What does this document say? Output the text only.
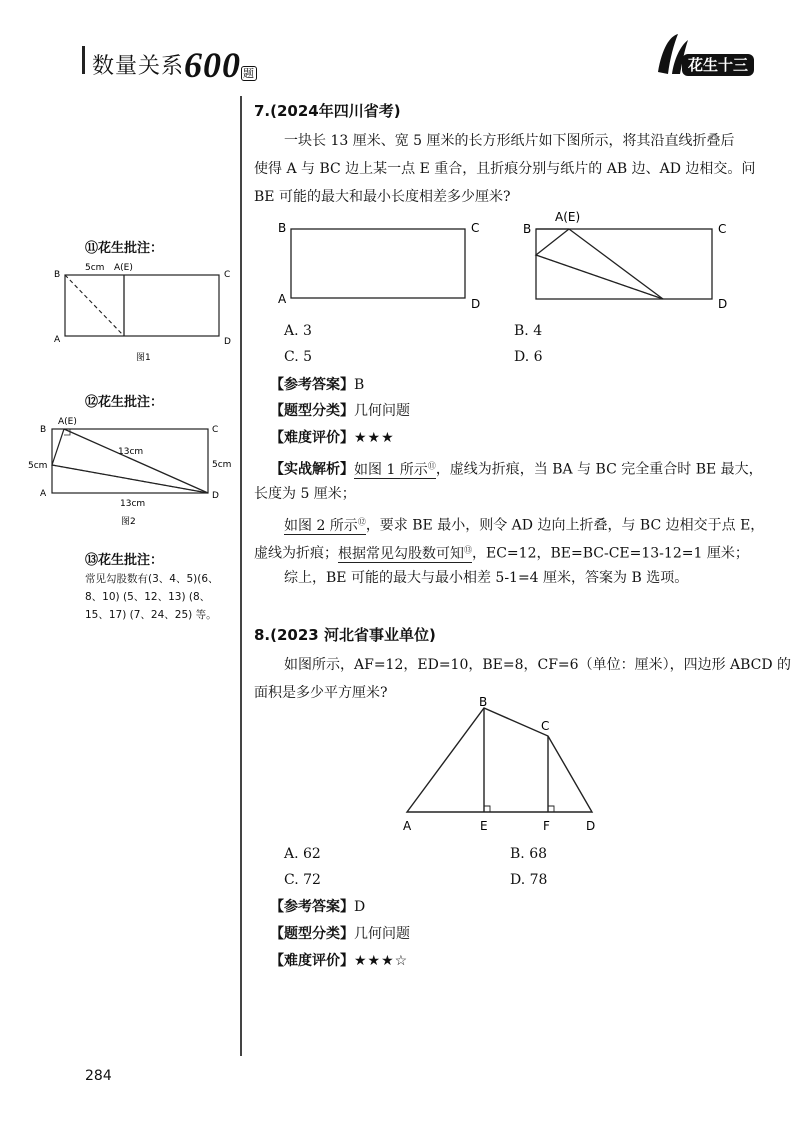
数量关系600 题	花生十三
⑪花生批注：
B	C
A	D
5cm A(E)
图1
⑫花生批注：
A(E)
B	C
A	D
13cm
5cm	5cm
13cm
图2
⑬花生批注：
常见勾股数有(3、4、5)(6、
8、10) (5、12、13) (8、
15、17) (7、24、25) 等。
7.(2024年四川省考)
一块长 13 厘米、宽 5 厘米的长方形纸片如下图所示，将其沿直线折叠后
使得 A 与 BC 边上某一点 E 重合，且折痕分别与纸片的 AB 边、AD 边相交。问
BE 可能的最大和最小长度相差多少厘米?
B	C
A	D
A(E)
B	C
D
A. 3	B. 4
C. 5	D. 6
【参考答案】B
【题型分类】几何问题
【难度评价】★★★
【实战解析】如图 1 所示⑪，虚线为折痕，当 BA 与 BC 完全重合时 BE 最大，
长度为 5 厘米；
如图 2 所示⑫，要求 BE 最小，则令 AD 边向上折叠，与 BC 边相交于点 E，
虚线为折痕；根据常见勾股数可知⑬，EC=12，BE=BC-CE=13-12=1 厘米；
综上，BE 可能的最大与最小相差 5-1=4 厘米，答案为 B 选项。
8.(2023 河北省事业单位)
如图所示，AF=12，ED=10，BE=8，CF=6（单位：厘米），四边形 ABCD 的
面积是多少平方厘米?
A
B
C
D
E	F
A. 62	B. 68
C. 72	D. 78
【参考答案】D
【题型分类】几何问题
【难度评价】★★★☆
284
